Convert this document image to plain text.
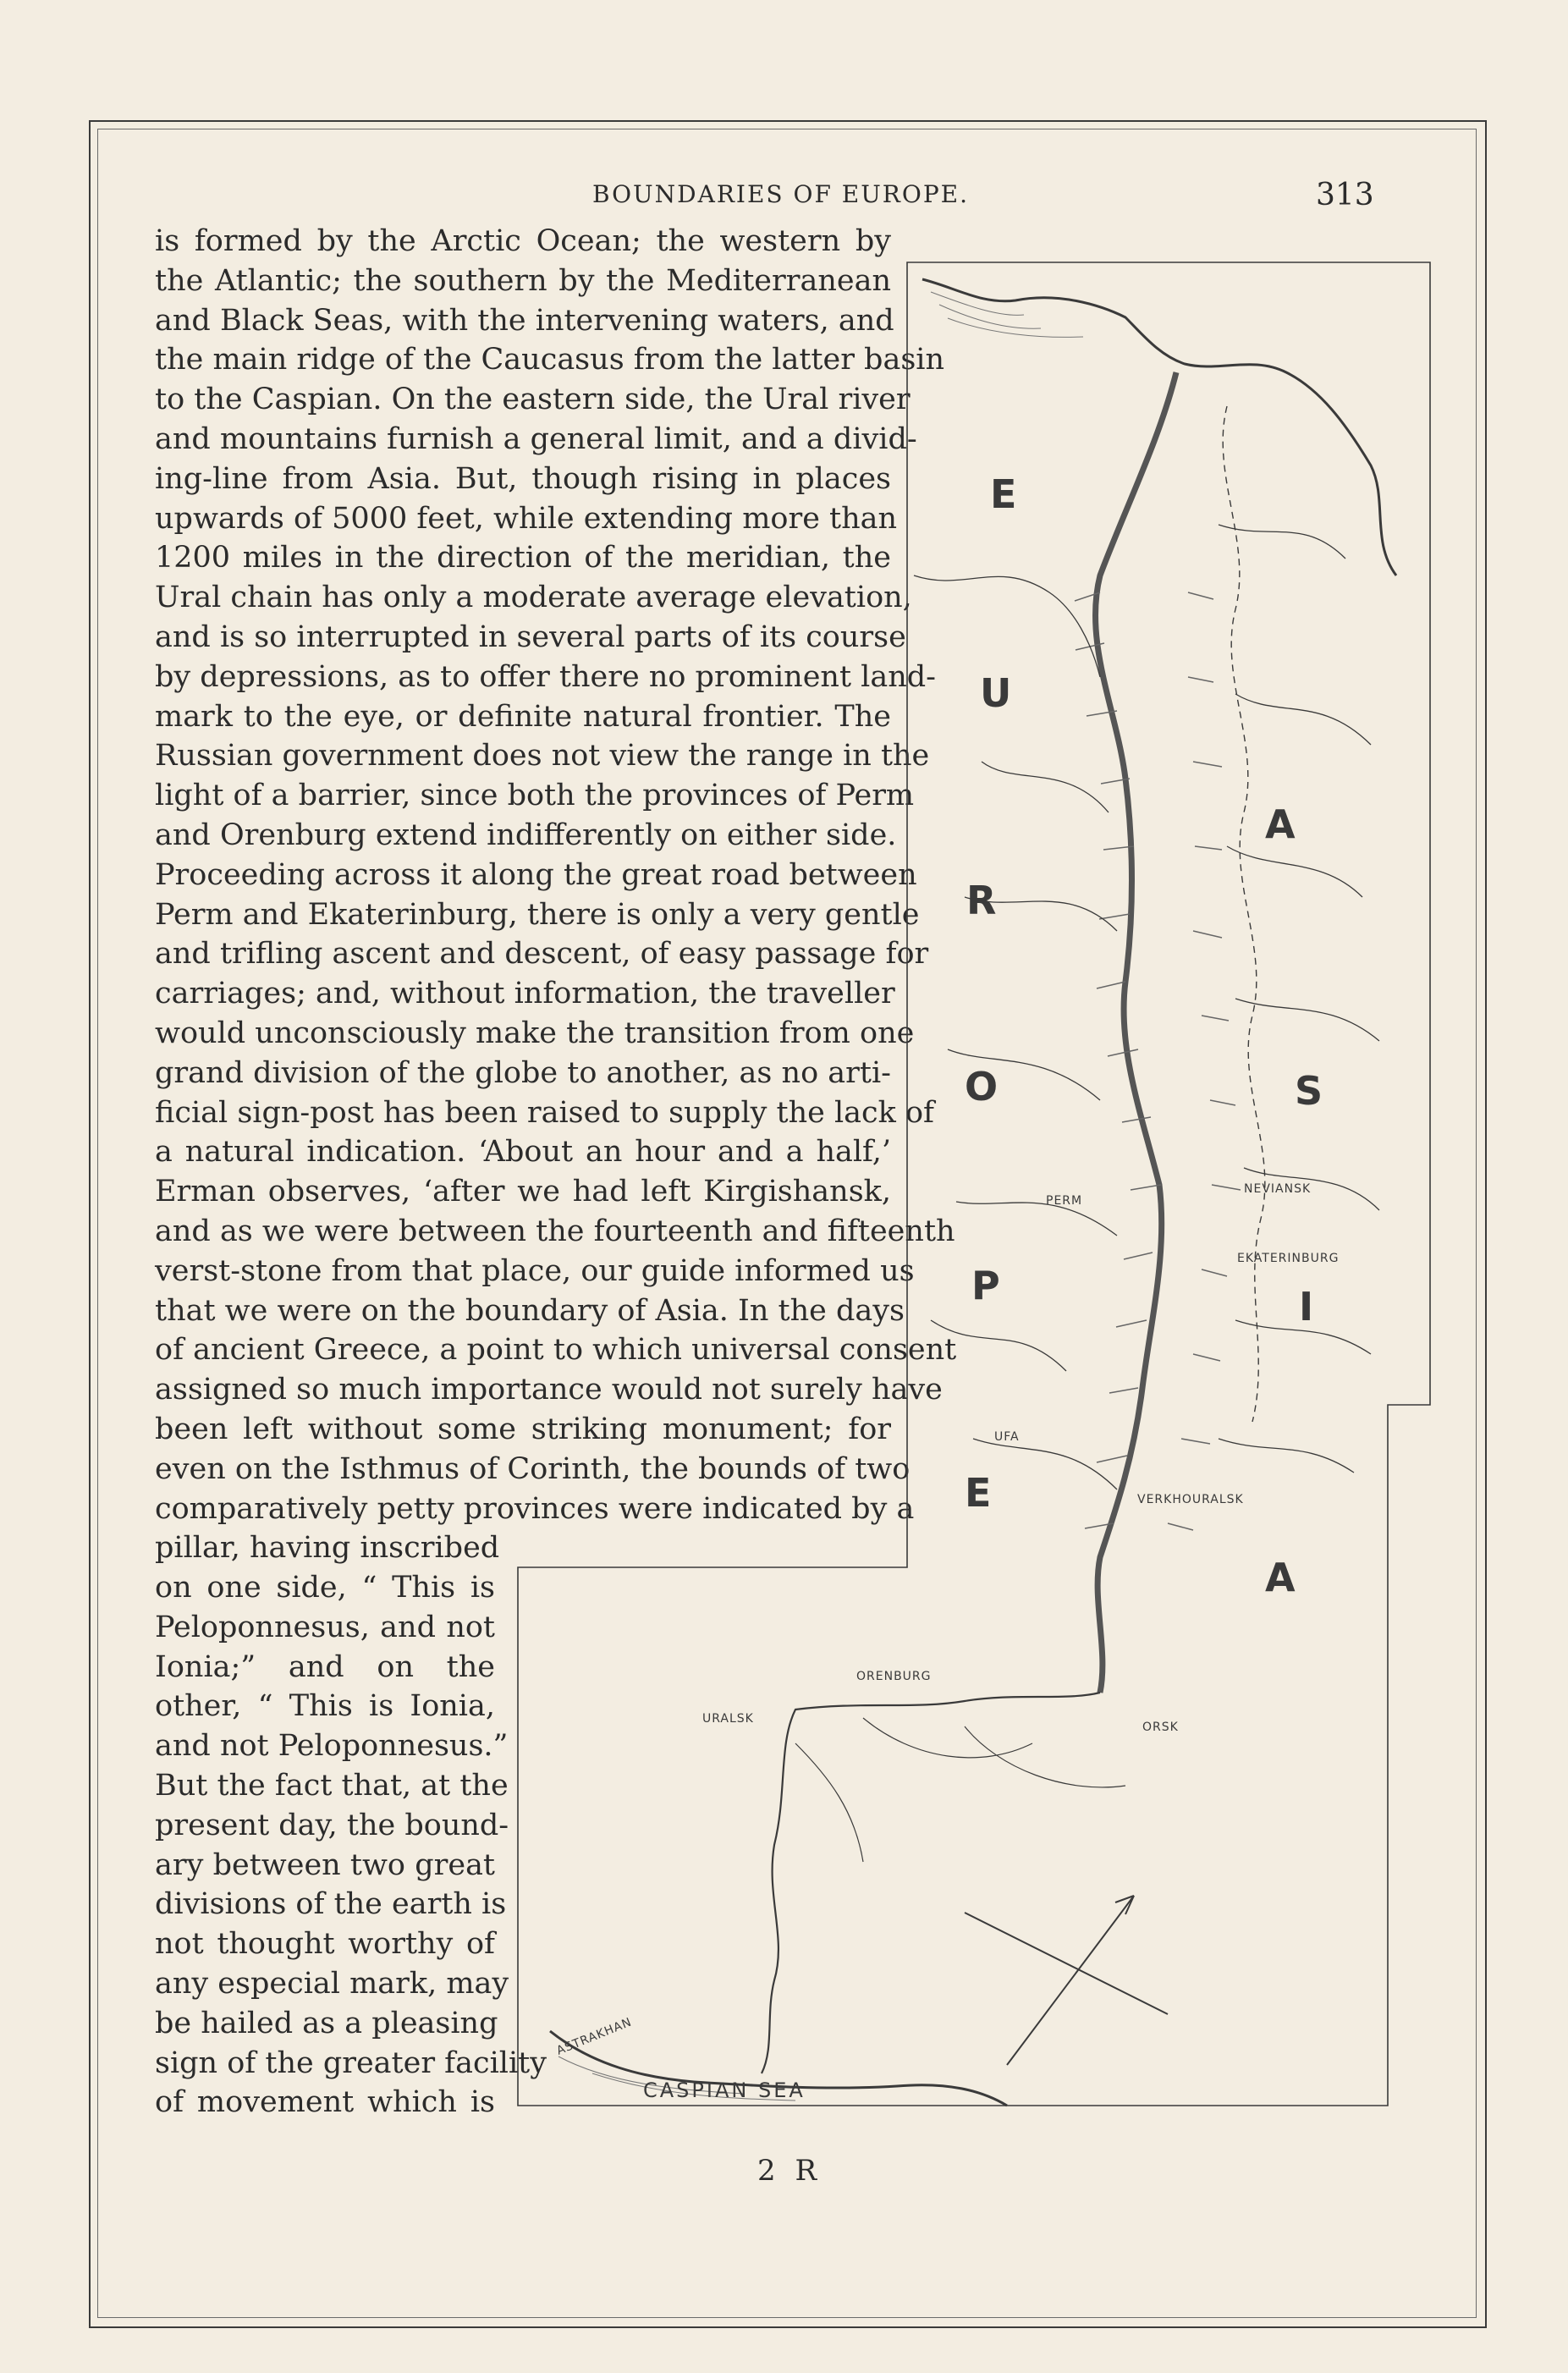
BOUNDARIES OF EUROPE.	313

is formed by the Arctic Ocean; the western by
the Atlantic; the southern by the Mediterranean
and Black Seas, with the intervening waters, and
the main ridge of the Caucasus from the latter basin
to the Caspian. On the eastern side, the Ural river
and mountains furnish a general limit, and a divid-
ing-line from Asia. But, though rising in places
upwards of 5000 feet, while extending more than
1200 miles in the direction of the meridian, the
Ural chain has only a moderate average elevation,
and is so interrupted in several parts of its course
by depressions, as to offer there no prominent land-
mark to the eye, or definite natural frontier. The
Russian government does not view the range in the
light of a barrier, since both the provinces of Perm
and Orenburg extend indifferently on either side.
Proceeding across it along the great road between
Perm and Ekaterinburg, there is only a very gentle
and trifling ascent and descent, of easy passage for
carriages; and, without information, the traveller
would unconsciously make the transition from one
grand division of the globe to another, as no arti-
ficial sign-post has been raised to supply the lack of
a natural indication. ‘About an hour and a half,’
Erman observes, ‘after we had left Kirgishansk,
and as we were between the fourteenth and fifteenth
verst-stone from that place, our guide informed us
that we were on the boundary of Asia. In the days
of ancient Greece, a point to which universal consent
assigned so much importance would not surely have
been left without some striking monument; for
even on the Isthmus of Corinth, the bounds of two
comparatively petty provinces were indicated by a

pillar, having inscribed
on one side, “ This is
Peloponnesus, and not
Ionia;” and on the
other, “ This is Ionia,
and not Peloponnesus.”
But the fact that, at the
present day, the bound-
ary between two great
divisions of the earth is
not thought worthy of
any especial mark, may
be hailed as a pleasing
sign of the greater facility
of movement which is

E
U
R
O
P
E
A
S
I
A
PERM
NEVIANSK
EKATERINBURG
UFA
VERKHOURALSK
ORENBURG
URALSK
ORSK
ASTRAKHAN
CASPIAN SEA
2 R
